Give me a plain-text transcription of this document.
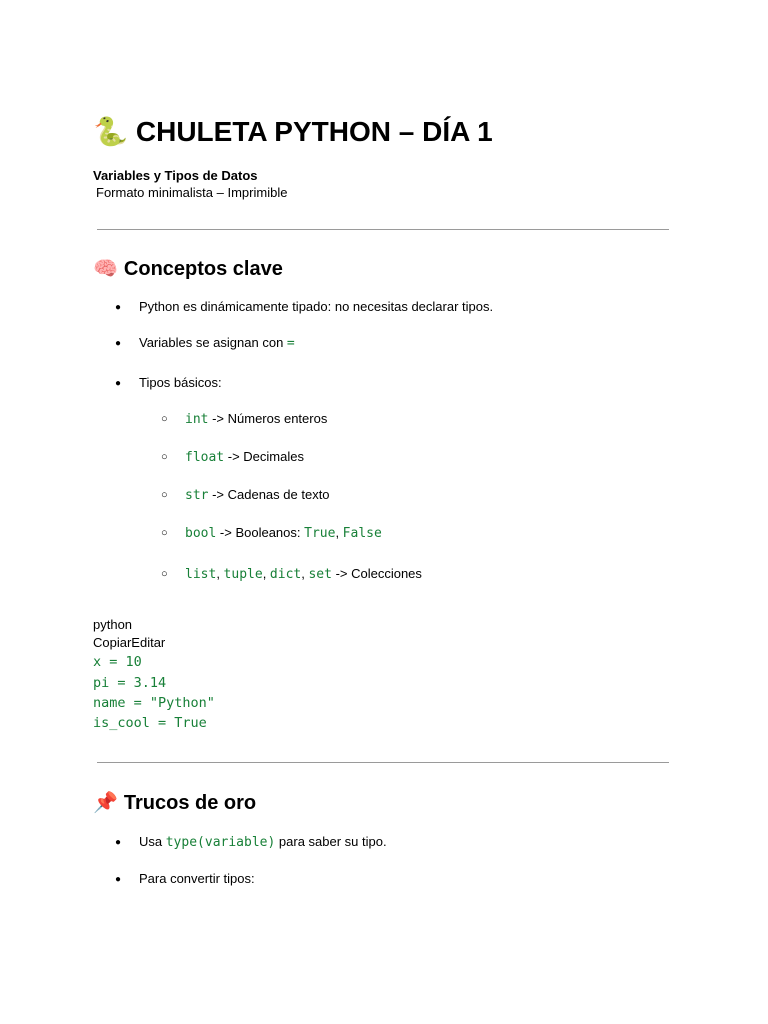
🐍 CHULETA PYTHON – DÍA 1
Variables y Tipos de Datos
Formato minimalista – Imprimible
🧠 Conceptos clave
● Python es dinámicamente tipado: no necesitas declarar tipos.
● Variables se asignan con =
● Tipos básicos:
○ int -> Números enteros
○ float -> Decimales
○ str -> Cadenas de texto
○ bool -> Booleanos: True, False
○ list, tuple, dict, set -> Colecciones
python
CopiarEditar
x = 10
pi = 3.14
name = "Python"
is_cool = True
📌 Trucos de oro
● Usa type(variable) para saber su tipo.
● Para convertir tipos:
